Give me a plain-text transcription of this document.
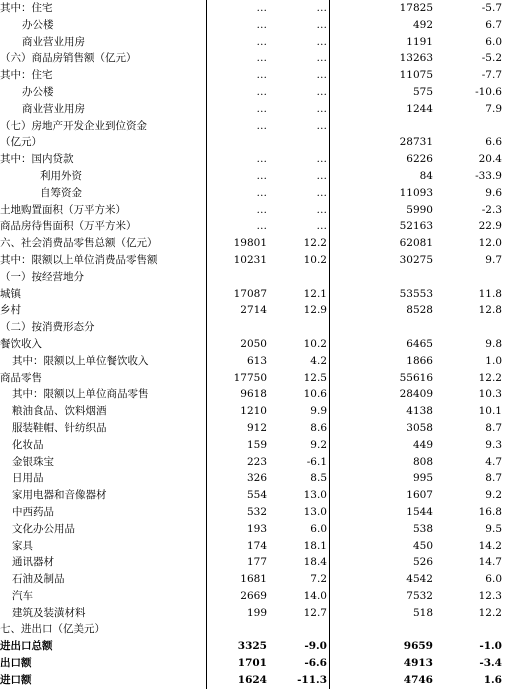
其中：住宅	…	…	17825	-5.7
办公楼	…	…	492	6.7
商业营业用房	…	…	1191	6.0
（六）商品房销售额（亿元）	…	…	13263	-5.2
其中：住宅	…	…	11075	-7.7
办公楼	…	…	575	-10.6
商业营业用房	…	…	1244	7.9
（七）房地产开发企业到位资金	…	…		
（亿元）			28731	6.6
其中：国内贷款	…	…	6226	20.4
利用外资	…	…	84	-33.9
自筹资金	…	…	11093	9.6
土地购置面积（万平方米）	…	…	5990	-2.3
商品房待售面积（万平方米）	…	…	52163	22.9
六、社会消费品零售总额（亿元）	19801	12.2	62081	12.0
其中：限额以上单位消费品零售额	10231	10.2	30275	9.7
（一）按经营地分				
城镇	17087	12.1	53553	11.8
乡村	2714	12.9	8528	12.8
（二）按消费形态分				
餐饮收入	2050	10.2	6465	9.8
其中：限额以上单位餐饮收入	613	4.2	1866	1.0
商品零售	17750	12.5	55616	12.2
其中：限额以上单位商品零售	9618	10.6	28409	10.3
粮油食品、饮料烟酒	1210	9.9	4138	10.1
服装鞋帽、针纺织品	912	8.6	3058	8.7
化妆品	159	9.2	449	9.3
金银珠宝	223	-6.1	808	4.7
日用品	326	8.5	995	8.7
家用电器和音像器材	554	13.0	1607	9.2
中西药品	532	13.0	1544	16.8
文化办公用品	193	6.0	538	9.5
家具	174	18.1	450	14.2
通讯器材	177	18.4	526	14.7
石油及制品	1681	7.2	4542	6.0
汽车	2669	14.0	7532	12.3
建筑及装潢材料	199	12.7	518	12.2
七、进出口（亿美元）				
进出口总额	3325	-9.0	9659	-1.0
出口额	1701	-6.6	4913	-3.4
进口额	1624	-11.3	4746	1.6
